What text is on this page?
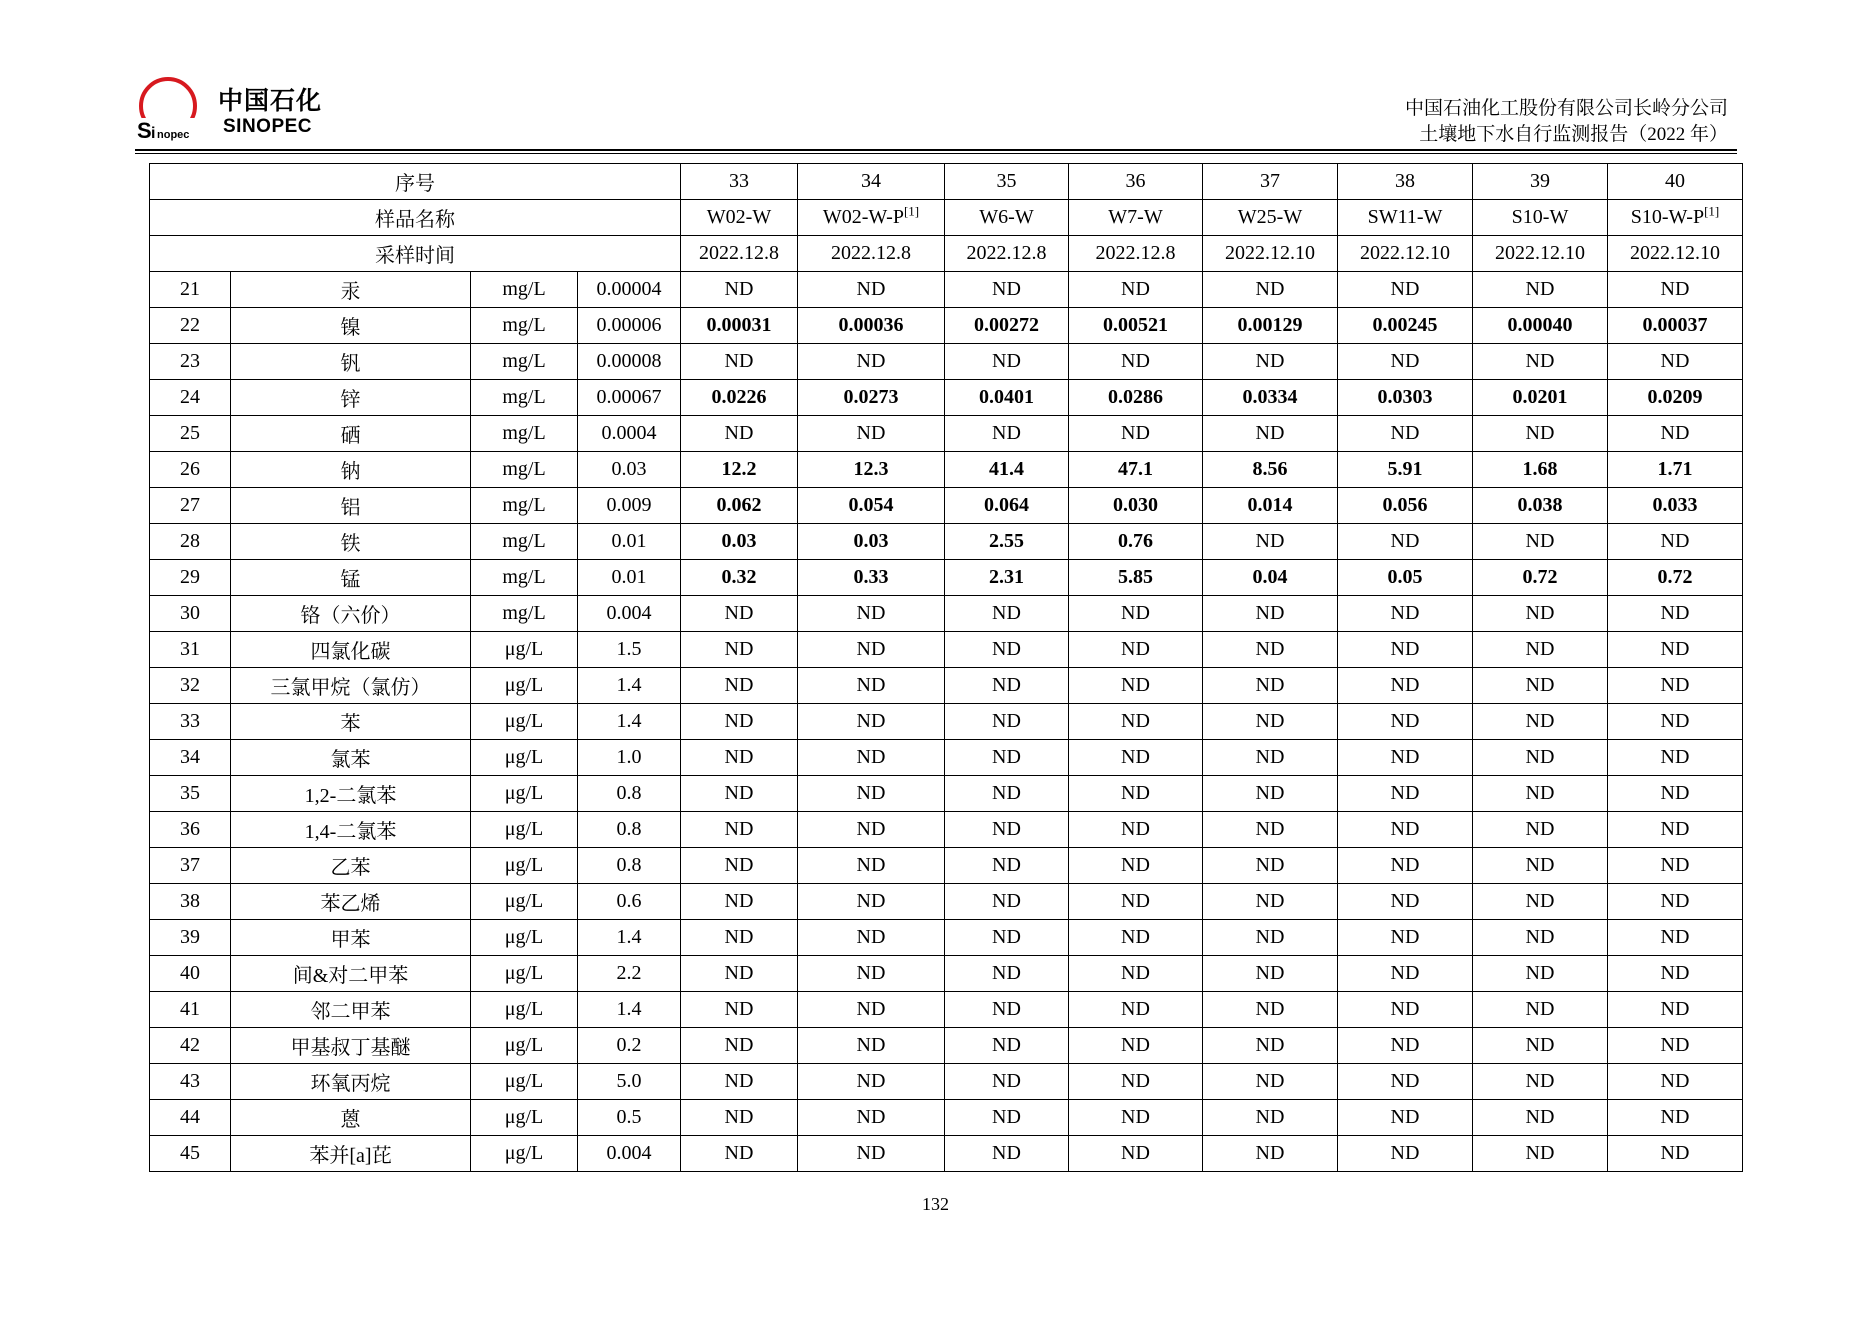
S i nopec
中国石化
SINOPEC
中国石油化工股份有限公司长岭分公司
土壤地下水自行监测报告（2022 年）
序号				33	34	35	36	37	38	39	40
样品名称				W02-W	W02-W-P[1]	W6-W	W7-W	W25-W	SW11-W	S10-W	S10-W-P[1]
采样时间				2022.12.8	2022.12.8	2022.12.8	2022.12.8	2022.12.10	2022.12.10	2022.12.10	2022.12.10
21	汞	mg/L	0.00004	ND	ND	ND	ND	ND	ND	ND	ND
22	镍	mg/L	0.00006	0.00031	0.00036	0.00272	0.00521	0.00129	0.00245	0.00040	0.00037
23	钒	mg/L	0.00008	ND	ND	ND	ND	ND	ND	ND	ND
24	锌	mg/L	0.00067	0.0226	0.0273	0.0401	0.0286	0.0334	0.0303	0.0201	0.0209
25	硒	mg/L	0.0004	ND	ND	ND	ND	ND	ND	ND	ND
26	钠	mg/L	0.03	12.2	12.3	41.4	47.1	8.56	5.91	1.68	1.71
27	铝	mg/L	0.009	0.062	0.054	0.064	0.030	0.014	0.056	0.038	0.033
28	铁	mg/L	0.01	0.03	0.03	2.55	0.76	ND	ND	ND	ND
29	锰	mg/L	0.01	0.32	0.33	2.31	5.85	0.04	0.05	0.72	0.72
30	铬（六价）	mg/L	0.004	ND	ND	ND	ND	ND	ND	ND	ND
31	四氯化碳	μg/L	1.5	ND	ND	ND	ND	ND	ND	ND	ND
32	三氯甲烷（氯仿）	μg/L	1.4	ND	ND	ND	ND	ND	ND	ND	ND
33	苯	μg/L	1.4	ND	ND	ND	ND	ND	ND	ND	ND
34	氯苯	μg/L	1.0	ND	ND	ND	ND	ND	ND	ND	ND
35	1,2-二氯苯	μg/L	0.8	ND	ND	ND	ND	ND	ND	ND	ND
36	1,4-二氯苯	μg/L	0.8	ND	ND	ND	ND	ND	ND	ND	ND
37	乙苯	μg/L	0.8	ND	ND	ND	ND	ND	ND	ND	ND
38	苯乙烯	μg/L	0.6	ND	ND	ND	ND	ND	ND	ND	ND
39	甲苯	μg/L	1.4	ND	ND	ND	ND	ND	ND	ND	ND
40	间&对二甲苯	μg/L	2.2	ND	ND	ND	ND	ND	ND	ND	ND
41	邻二甲苯	μg/L	1.4	ND	ND	ND	ND	ND	ND	ND	ND
42	甲基叔丁基醚	μg/L	0.2	ND	ND	ND	ND	ND	ND	ND	ND
43	环氧丙烷	μg/L	5.0	ND	ND	ND	ND	ND	ND	ND	ND
44	蒽	μg/L	0.5	ND	ND	ND	ND	ND	ND	ND	ND
45	苯并[a]芘	μg/L	0.004	ND	ND	ND	ND	ND	ND	ND	ND
132
